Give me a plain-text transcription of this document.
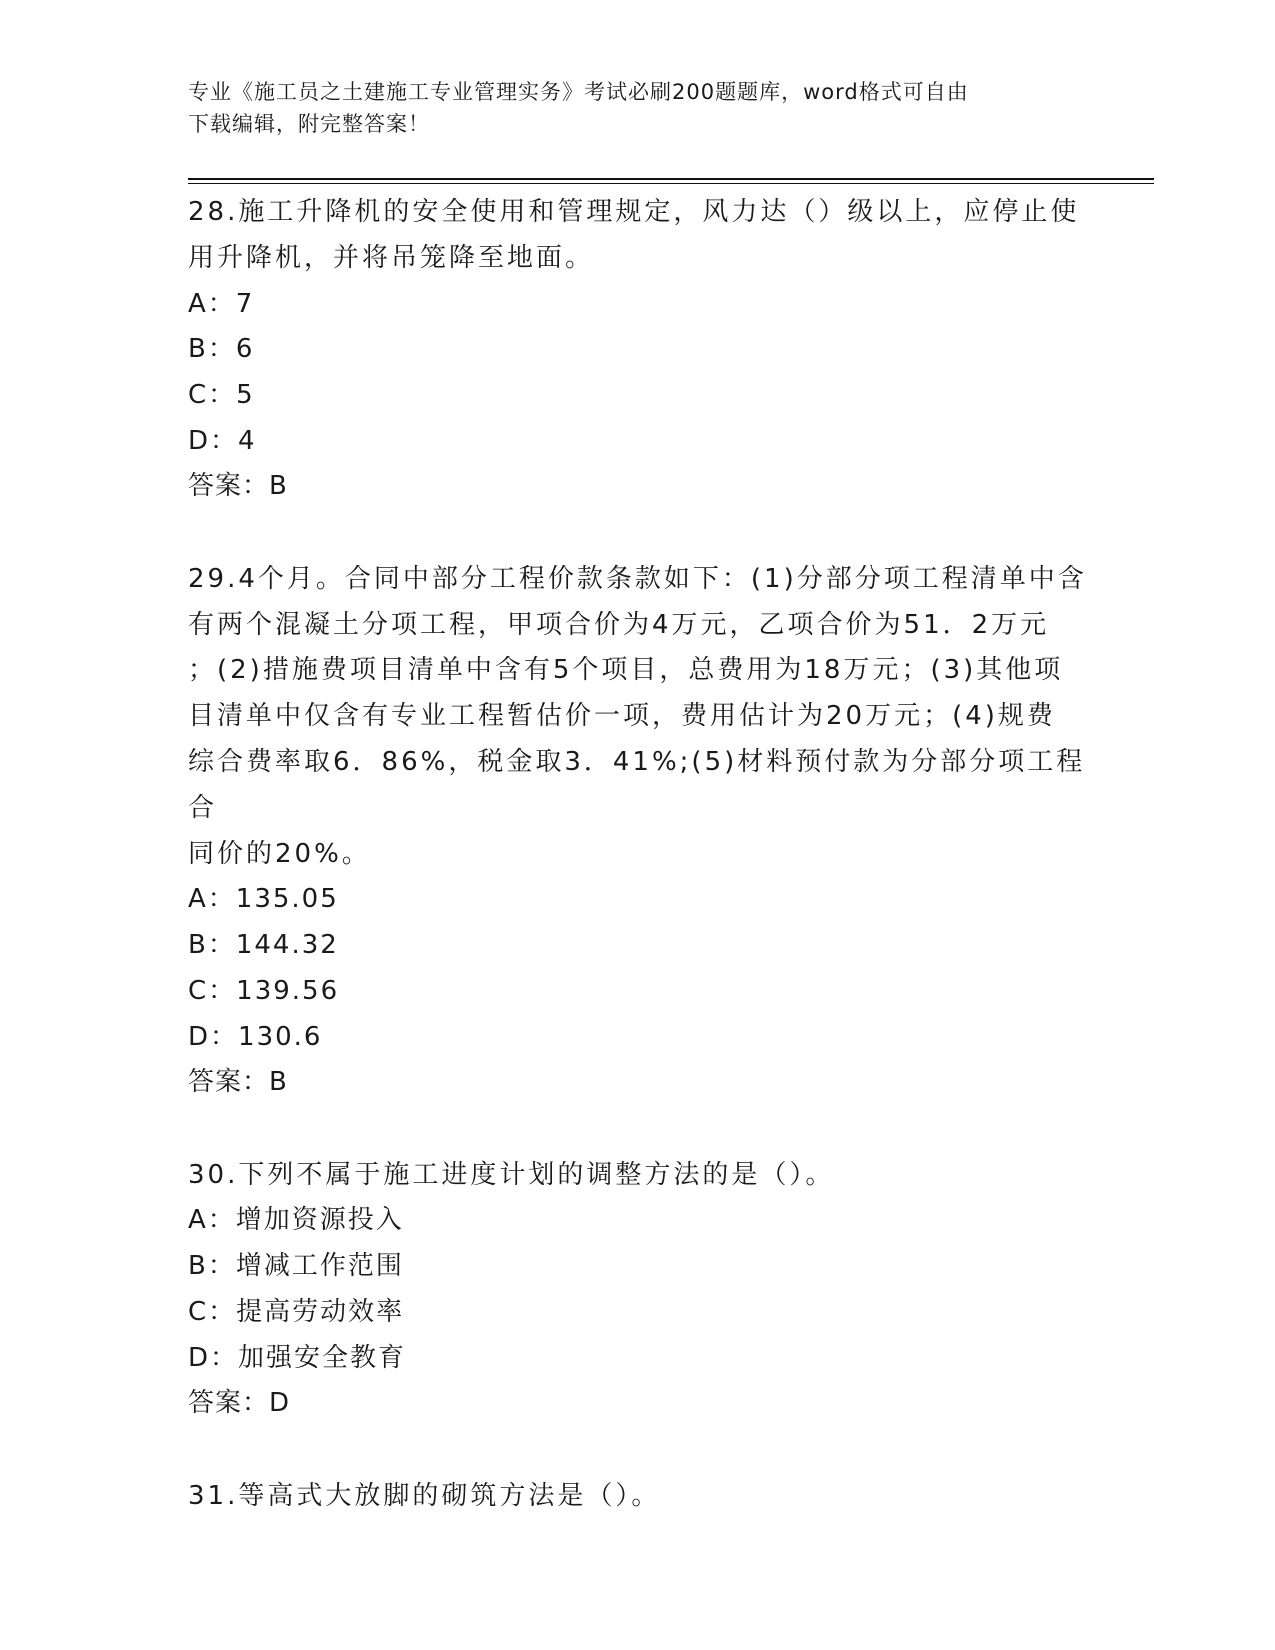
专业《施工员之土建施工专业管理实务》考试必刷200题题库，word格式可自由
下载编辑，附完整答案！
28.施工升降机的安全使用和管理规定，风力达（）级以上，应停止使
用升降机，并将吊笼降至地面。
A：7
B：6
C：5
D：4
答案：B
29.4个月。合同中部分工程价款条款如下：(1)分部分项工程清单中含
有两个混凝土分项工程，甲项合价为4万元，乙项合价为51．2万元
；(2)措施费项目清单中含有5个项目，总费用为18万元；(3)其他项
目清单中仅含有专业工程暂估价一项，费用估计为20万元；(4)规费
综合费率取6．86%，税金取3．41%;(5)材料预付款为分部分项工程合
同价的20%。
A：135.05
B：144.32
C：139.56
D：130.6
答案：B
30.下列不属于施工进度计划的调整方法的是（）。
A：增加资源投入
B：增减工作范围
C：提高劳动效率
D：加强安全教育
答案：D
31.等高式大放脚的砌筑方法是（）。
